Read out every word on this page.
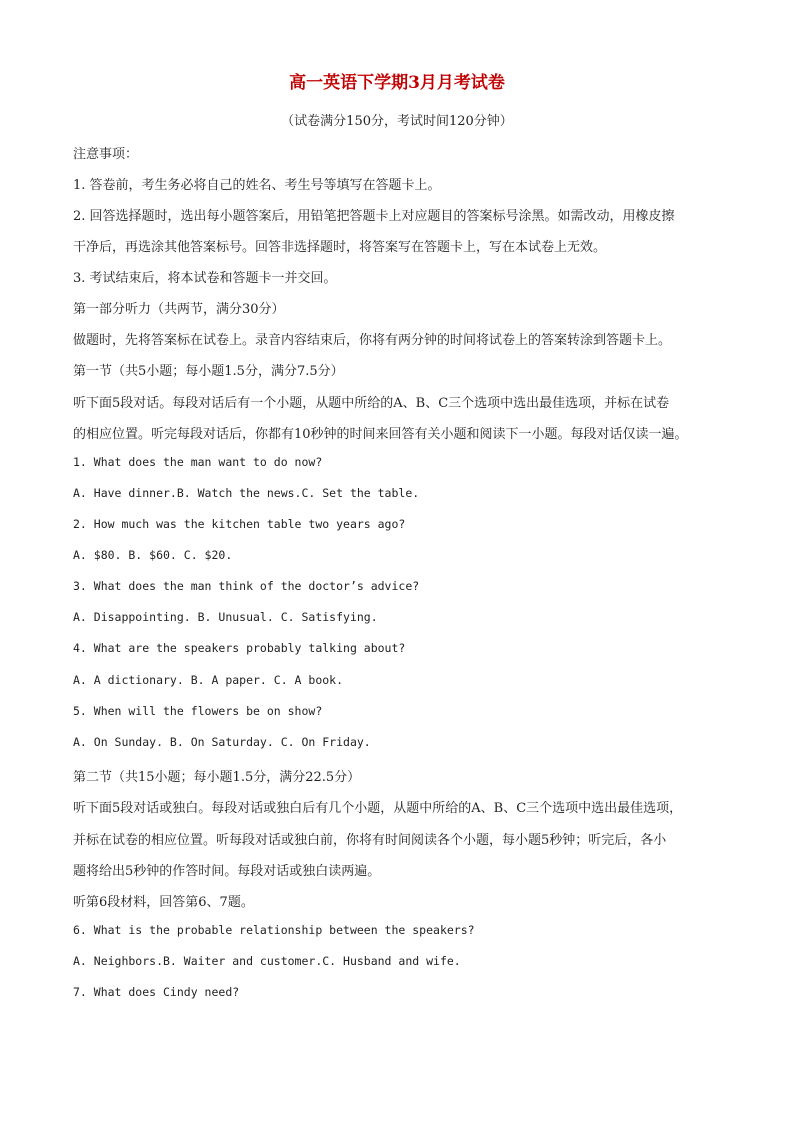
高一英语下学期3月月考试卷
（试卷满分150分，考试时间120分钟）
注意事项：
1. 答卷前，考生务必将自己的姓名、考生号等填写在答题卡上。
2. 回答选择题时，选出每小题答案后，用铅笔把答题卡上对应题目的答案标号涂黑。如需改动，用橡皮擦
干净后，再选涂其他答案标号。回答非选择题时，将答案写在答题卡上，写在本试卷上无效。
3. 考试结束后，将本试卷和答题卡一并交回。
第一部分听力（共两节，满分30分）
做题时，先将答案标在试卷上。录音内容结束后，你将有两分钟的时间将试卷上的答案转涂到答题卡上。
第一节（共5小题；每小题1.5分，满分7.5分）
听下面5段对话。每段对话后有一个小题，从题中所给的A、B、C三个选项中选出最佳选项，并标在试卷
的相应位置。听完每段对话后，你都有10秒钟的时间来回答有关小题和阅读下一小题。每段对话仅读一遍。
1. What does the man want to do now?
A. Have dinner.B. Watch the news.C. Set the table.
2. How much was the kitchen table two years ago?
A. $80. B. $60. C. $20.
3. What does the man think of the doctor’s advice?
A. Disappointing. B. Unusual. C. Satisfying.
4. What are the speakers probably talking about?
A. A dictionary. B. A paper. C. A book.
5. When will the flowers be on show?
A. On Sunday. B. On Saturday. C. On Friday.
第二节（共15小题；每小题1.5分，满分22.5分）
听下面5段对话或独白。每段对话或独白后有几个小题，从题中所给的A、B、C三个选项中选出最佳选项，
并标在试卷的相应位置。听每段对话或独白前，你将有时间阅读各个小题，每小题5秒钟；听完后，各小
题将给出5秒钟的作答时间。每段对话或独白读两遍。
听第6段材料，回答第6、7题。
6. What is the probable relationship between the speakers?
A. Neighbors.B. Waiter and customer.C. Husband and wife.
7. What does Cindy need?
